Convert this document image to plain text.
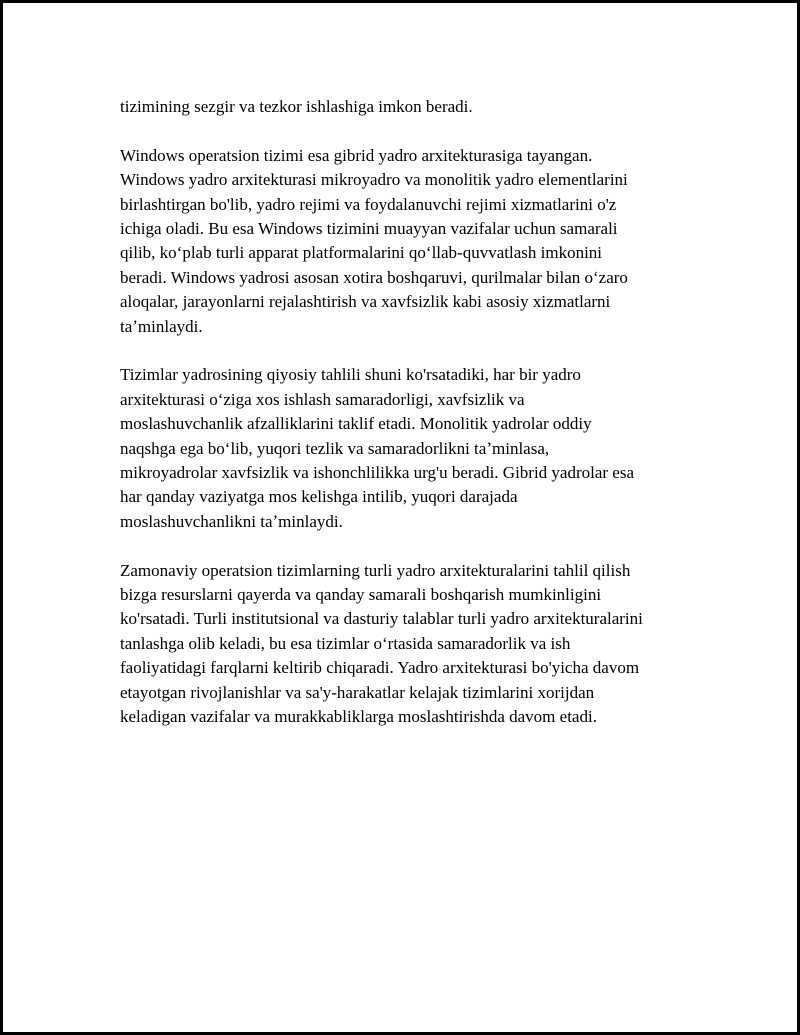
tizimining sezgir va tezkor ishlashiga imkon beradi.

Windows operatsion tizimi esa gibrid yadro arxitekturasiga tayangan.
Windows yadro arxitekturasi mikroyadro va monolitik yadro elementlarini
birlashtirgan bo'lib, yadro rejimi va foydalanuvchi rejimi xizmatlarini o'z
ichiga oladi. Bu esa Windows tizimini muayyan vazifalar uchun samarali
qilib, koʻplab turli apparat platformalarini qoʻllab-quvvatlash imkonini
beradi. Windows yadrosi asosan xotira boshqaruvi, qurilmalar bilan oʻzaro
aloqalar, jarayonlarni rejalashtirish va xavfsizlik kabi asosiy xizmatlarni
taʼminlaydi.

Tizimlar yadrosining qiyosiy tahlili shuni ko'rsatadiki, har bir yadro
arxitekturasi oʻziga xos ishlash samaradorligi, xavfsizlik va
moslashuvchanlik afzalliklarini taklif etadi. Monolitik yadrolar oddiy
naqshga ega boʻlib, yuqori tezlik va samaradorlikni taʼminlasa,
mikroyadrolar xavfsizlik va ishonchlilikka urg'u beradi. Gibrid yadrolar esa
har qanday vaziyatga mos kelishga intilib, yuqori darajada
moslashuvchanlikni taʼminlaydi.

Zamonaviy operatsion tizimlarning turli yadro arxitekturalarini tahlil qilish
bizga resurslarni qayerda va qanday samarali boshqarish mumkinligini
ko'rsatadi. Turli institutsional va dasturiy talablar turli yadro arxitekturalarini
tanlashga olib keladi, bu esa tizimlar oʻrtasida samaradorlik va ish
faoliyatidagi farqlarni keltirib chiqaradi. Yadro arxitekturasi bo'yicha davom
etayotgan rivojlanishlar va sa'y-harakatlar kelajak tizimlarini xorijdan
keladigan vazifalar va murakkabliklarga moslashtirishda davom etadi.
